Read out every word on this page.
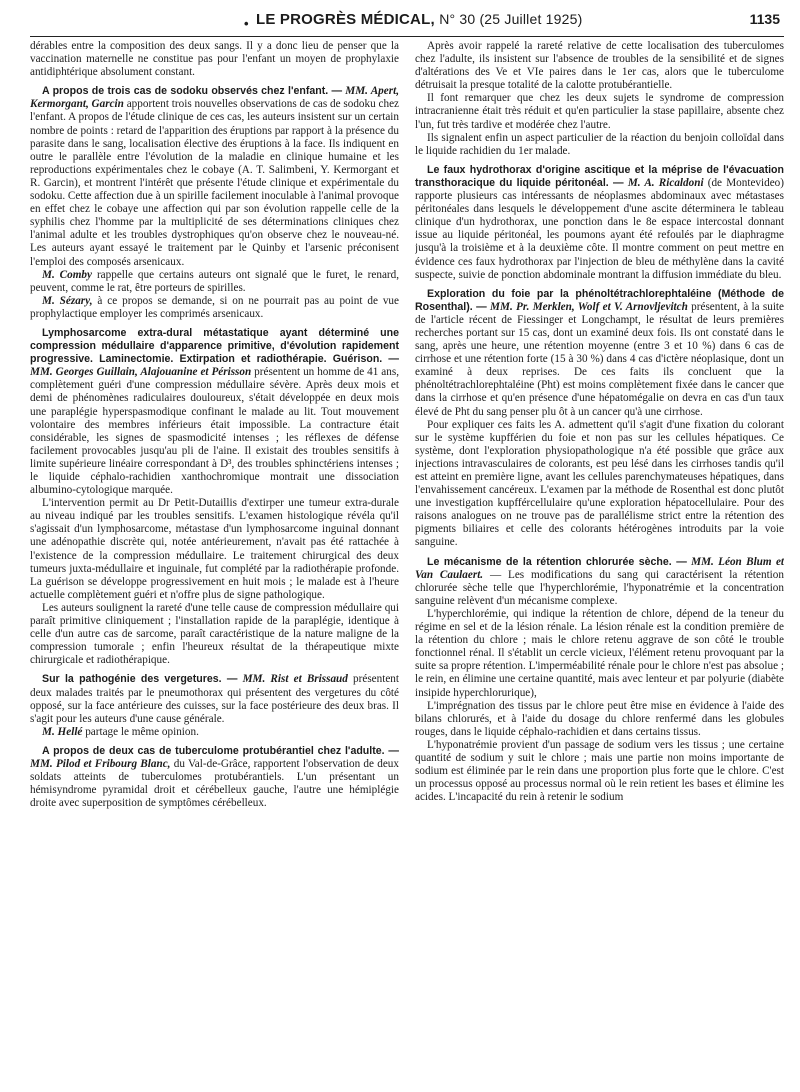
• LE PROGRÈS MÉDICAL, N° 30 (25 Juillet 1925)	1135

dérables entre la composition des deux sangs. Il y a donc lieu de penser que la vaccination maternelle ne constitue pas pour l'enfant un moyen de prophylaxie antidiphtérique absolument constant.

A propos de trois cas de sodoku observés chez l'enfant. — MM. Apert, Kermorgant, Garcin apportent trois nouvelles observations de cas de sodoku chez l'enfant. A propos de l'étude clinique de ces cas, les auteurs insistent sur un certain nombre de points : retard de l'apparition des éruptions par rapport à la présence du parasite dans le sang, localisation élective des éruptions à la face. Ils indiquent en outre le parallèle entre l'évolution de la maladie en clinique humaine et les reproductions expérimentales chez le cobaye (A. T. Salimbeni, Y. Kermorgant et R. Garcin), et montrent l'intérêt que présente l'étude clinique et expérimentale du sodoku. Cette affection due à un spirille facilement inoculable à l'animal provoque en effet chez le cobaye une affection qui par son évolution rappelle celle de la syphilis chez l'homme par la multiplicité de ses déterminations cliniques chez l'animal adulte et les troubles dystrophiques qu'on observe chez le nouveau-né. Les auteurs ayant essayé le traitement par le Quinby et l'arsenic préconisent l'emploi des composés arsenicaux.

M. Comby rappelle que certains auteurs ont signalé que le furet, le renard, peuvent, comme le rat, être porteurs de spirilles.

M. Sézary, à ce propos se demande, si on ne pourrait pas au point de vue prophylactique employer les comprimés arsenicaux.

Lymphosarcome extra-dural métastatique ayant déterminé une compression médullaire d'apparence primitive, d'évolution rapidement progressive. Laminectomie. Extirpation et radiothérapie. Guérison. — MM. Georges Guillain, Alajouanine et Périsson présentent un homme de 41 ans, complètement guéri d'une compression médullaire sévère. Après deux mois et demi de phénomènes radiculaires douloureux, s'était développée en deux mois une paraplégie hyperspasmodique confinant le malade au lit. Tout mouvement volontaire des membres inférieurs était impossible. La contracture était considérable, les signes de spasmodicité intenses ; les réflexes de défense facilement provocables jusqu'au pli de l'aine. Il existait des troubles sensitifs à limite supérieure linéaire correspondant à D³, des troubles sphinctériens intenses ; le liquide céphalo-rachidien xanthochromique montrait une dissociation albumino-cytologique marquée.

L'intervention permit au Dr Petit-Dutaillis d'extirper une tumeur extra-durale au niveau indiqué par les troubles sensitifs. L'examen histologique révéla qu'il s'agissait d'un lymphosarcome, métastase d'un lymphosarcome inguinal donnant une adénopathie discrète qui, notée antérieurement, n'avait pas été rattachée à l'existence de la compression médullaire. Le traitement chirurgical des deux tumeurs juxta-médullaire et inguinale, fut complété par la radiothérapie profonde. La guérison se développe progressivement en huit mois ; le malade est à l'heure actuelle complètement guéri et n'offre plus de signe pathologique.

Les auteurs soulignent la rareté d'une telle cause de compression médullaire qui paraît primitive cliniquement ; l'installation rapide de la paraplégie, identique à celle d'un autre cas de sarcome, paraît caractéristique de la nature maligne de la compression tumorale ; enfin l'heureux résultat de la thérapeutique mixte chirurgicale et radiothérapique.

Sur la pathogénie des vergetures. — MM. Rist et Brissaud présentent deux malades traités par le pneumothorax qui présentent des vergetures du côté opposé, sur la face antérieure des cuisses, sur la face postérieure des deux bras. Il s'agit pour les auteurs d'une cause générale.

M. Hellé partage le même opinion.

A propos de deux cas de tuberculome protubérantiel chez l'adulte. — MM. Pilod et Fribourg Blanc, du Val-de-Grâce, rapportent l'observation de deux soldats atteints de tuberculomes protubérantiels. L'un présentant un hémisyndrome pyramidal droit et cérébelleux gauche, l'autre une hémiplégie droite avec superposition de symptômes cérébelleux.

Après avoir rappelé la rareté relative de cette localisation des tuberculomes chez l'adulte, ils insistent sur l'absence de troubles de la sensibilité et de signes d'altérations des Ve et VIe paires dans le 1er cas, alors que le tuberculome détruisait la presque totalité de la calotte protubérantielle.

Il font remarquer que chez les deux sujets le syndrome de compression intracranienne était très réduit et qu'en particulier la stase papillaire, absente chez l'un, fut très tardive et modérée chez l'autre.

Ils signalent enfin un aspect particulier de la réaction du benjoin colloïdal dans le liquide rachidien du 1er malade.

Le faux hydrothorax d'origine ascitique et la méprise de l'évacuation transthoracique du liquide péritonéal. — M. A. Ricaldoni (de Montevideo) rapporte plusieurs cas intéressants de néoplasmes abdominaux avec métastases péritonéales dans lesquels le développement d'une ascite déterminera le tableau clinique d'un hydrothorax, une ponction dans le 8e espace intercostal donnant issue au liquide péritonéal, les poumons ayant été refoulés par le diaphragme jusqu'à la troisième et à la deuxième côte. Il montre comment on peut mettre en évidence ces faux hydrothorax par l'injection de bleu de méthylène dans la cavité suspecte, suivie de ponction abdominale montrant la diffusion immédiate du bleu.

Exploration du foie par la phénoltétrachlorephtaléine (Méthode de Rosenthal). — MM. Pr. Merklen, Wolf et V. Arnovljevitch présentent, à la suite de l'article récent de Fiessinger et Longchampt, le résultat de leurs premières recherches portant sur 15 cas, dont un examiné deux fois. Ils ont constaté dans le sang, après une heure, une rétention moyenne (entre 3 et 10 %) dans 6 cas de cirrhose et une rétention forte (15 à 30 %) dans 4 cas d'ictère néoplasique, dont un examiné à deux reprises. De ces faits ils concluent que la phénoltétrachlorephtaléine (Pht) est moins complètement fixée dans le cancer que dans la cirrhose et qu'en présence d'une hépatomégalie on devra en cas d'un taux élevé de Pht du sang penser plu ôt à un cancer qu'à une cirrhose.

Pour expliquer ces faits les A. admettent qu'il s'agit d'une fixation du colorant sur le système kupfférien du foie et non pas sur les cellules hépatiques. Ce système, dont l'exploration physiopathologique n'a été possible que grâce aux injections intravasculaires de colorants, est peu lésé dans les cirrhoses tandis qu'il est atteint en première ligne, avant les cellules parenchymateuses hépatiques, dans l'envahissement cancéreux. L'examen par la méthode de Rosenthal est donc plutôt une investigation kupffércellulaire qu'une exploration hépatocellulaire. Pour des raisons analogues on ne trouve pas de parallélisme strict entre la rétention des pigments biliaires et celle des colorants hétérogènes introduits par la voie sanguine.

Le mécanisme de la rétention chlorurée sèche. — MM. Léon Blum et Van Caulaert. — Les modifications du sang qui caractérisent la rétention chlorurée sèche telle que l'hyperchlorémie, l'hyponatrémie et la concentration sanguine relèvent d'un mécanisme complexe.

L'hyperchlorémie, qui indique la rétention de chlore, dépend de la teneur du régime en sel et de la lésion rénale. La lésion rénale est la condition première de la rétention du chlore ; mais le chlore retenu aggrave de son côté le trouble fonctionnel rénal. Il s'établit un cercle vicieux, l'élément retenu provoquant par la suite sa propre rétention. L'imperméabilité rénale pour le chlore n'est pas absolue ; le rein, en élimine une certaine quantité, mais avec lenteur et par polyurie (diabète insipide hyperchlorurique),

L'imprégnation des tissus par le chlore peut être mise en évidence à l'aide des bilans chlorurés, et à l'aide du dosage du chlore renfermé dans les globules rouges, dans le liquide céphalo-rachidien et dans certains tissus.

L'hyponatrémie provient d'un passage de sodium vers les tissus ; une certaine quantité de sodium y suit le chlore ; mais une partie non moins importante de sodium est éliminée par le rein dans une proportion plus forte que le chlore. C'est un processus opposé au processus normal où le rein retient les bases et élimine les acides. L'incapacité du rein à retenir le sodium
